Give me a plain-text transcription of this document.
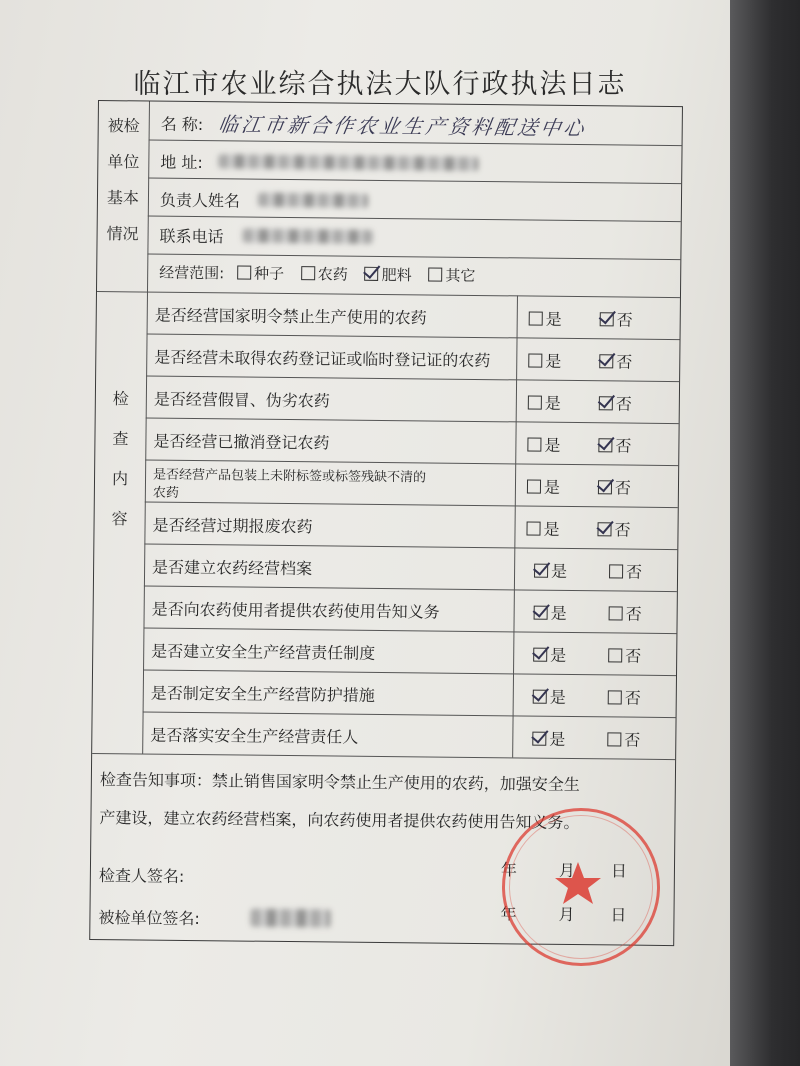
临江市农业综合执法大队行政执法日志
被检
单位
基本
情况
名 称: 临江市新合作农业生产资料配送中心
地 址:
负责人姓名
联系电话
经营范围: 种子 农药 肥料 其它
检
查
内
容
是否经营国家明令禁止生产使用的农药	是	否
是否经营未取得农药登记证或临时登记证的农药	是	否
是否经营假冒、伪劣农药	是	否
是否经营已撤消登记农药	是	否
是否经营产品包装上未附标签或标签残缺不清的
农药	是	否
是否经营过期报废农药	是	否
是否建立农药经营档案	是	否
是否向农药使用者提供农药使用告知义务	是	否
是否建立安全生产经营责任制度	是	否
是否制定安全生产经营防护措施	是	否
是否落实安全生产经营责任人	是	否
检查告知事项：禁止销售国家明令禁止生产使用的农药，加强安全生
产建设，建立农药经营档案，向农药使用者提供农药使用告知义务。
检查人签名:
被检单位签名:
年	月 日
年	月 日
